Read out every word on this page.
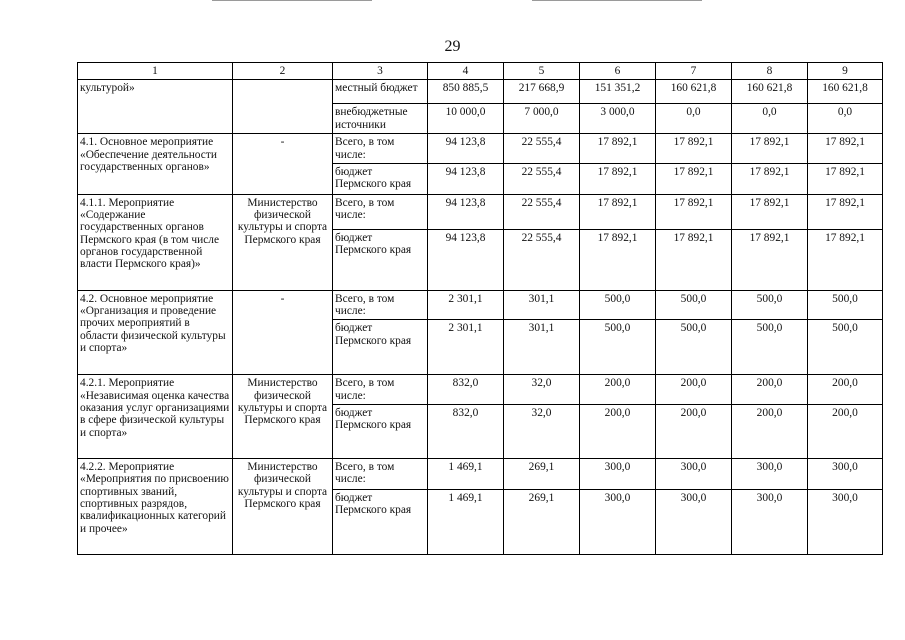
29
1	2	3	4	5	6	7	8	9
культурой»		местный бюджет	850 885,5	217 668,9	151 351,2	160 621,8	160 621,8	160 621,8
		внебюджетные источники	10 000,0	7 000,0	3 000,0	0,0	0,0	0,0
4.1. Основное мероприятие «Обеспечение деятельности государственных органов»	-	Всего, в том числе:	94 123,8	22 555,4	17 892,1	17 892,1	17 892,1	17 892,1
		бюджет Пермского края	94 123,8	22 555,4	17 892,1	17 892,1	17 892,1	17 892,1
4.1.1. Мероприятие «Содержание государственных органов Пермского края (в том числе органов государственной власти Пермского края)»	Министерство физической культуры и спорта Пермского края	Всего, в том числе:	94 123,8	22 555,4	17 892,1	17 892,1	17 892,1	17 892,1
		бюджет Пермского края	94 123,8	22 555,4	17 892,1	17 892,1	17 892,1	17 892,1
4.2. Основное мероприятие «Организация и проведение прочих мероприятий в области физической культуры и спорта»	-	Всего, в том числе:	2 301,1	301,1	500,0	500,0	500,0	500,0
		бюджет Пермского края	2 301,1	301,1	500,0	500,0	500,0	500,0
4.2.1. Мероприятие «Независимая оценка качества оказания услуг организациями в сфере физической культуры и спорта»	Министерство физической культуры и спорта Пермского края	Всего, в том числе:	832,0	32,0	200,0	200,0	200,0	200,0
		бюджет Пермского края	832,0	32,0	200,0	200,0	200,0	200,0
4.2.2. Мероприятие «Мероприятия по присвоению спортивных званий, спортивных разрядов, квалификационных категорий и прочее»	Министерство физической культуры и спорта Пермского края	Всего, в том числе:	1 469,1	269,1	300,0	300,0	300,0	300,0
		бюджет Пермского края	1 469,1	269,1	300,0	300,0	300,0	300,0
